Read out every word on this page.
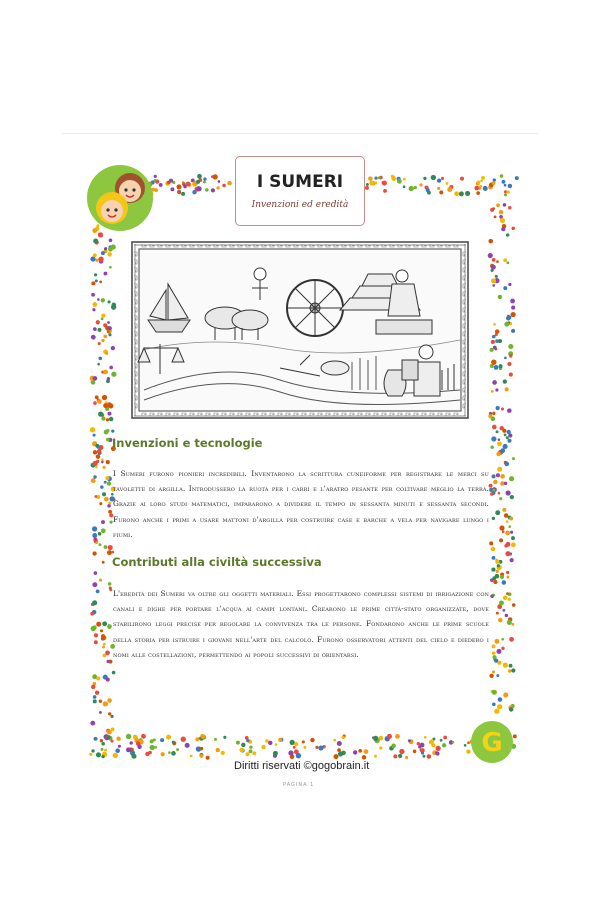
I SUMERI
Invenzioni ed eredità
Invenzioni e tecnologie
I Sumeri furono pionieri incredibili. Inventarono la scrittura cuneiforme per registrare le merci su tavolette di argilla. Introdussero la ruota per i carri e l'aratro pesante per coltivare meglio la terra. Grazie ai loro studi matematici, impararono a dividere il tempo in sessanta minuti e sessanta secondi. Furono anche i primi a usare mattoni d'argilla per costruire case e barche a vela per navigare lungo i fiumi.
Contributi alla civiltà successiva
L'eredità dei Sumeri va oltre gli oggetti materiali. Essi progettarono complessi sistemi di irrigazione con canali e dighe per portare l'acqua ai campi lontani. Crearono le prime città-stato organizzate, dove stabilirono leggi precise per regolare la convivenza tra le persone. Fondarono anche le prime scuole della storia per istruire i giovani nell'arte del calcolo. Furono osservatori attenti del cielo e diedero i nomi alle costellazioni, permettendo ai popoli successivi di orientarsi.
G
Diritti riservati ©gogobrain.it
PAGINA 1
